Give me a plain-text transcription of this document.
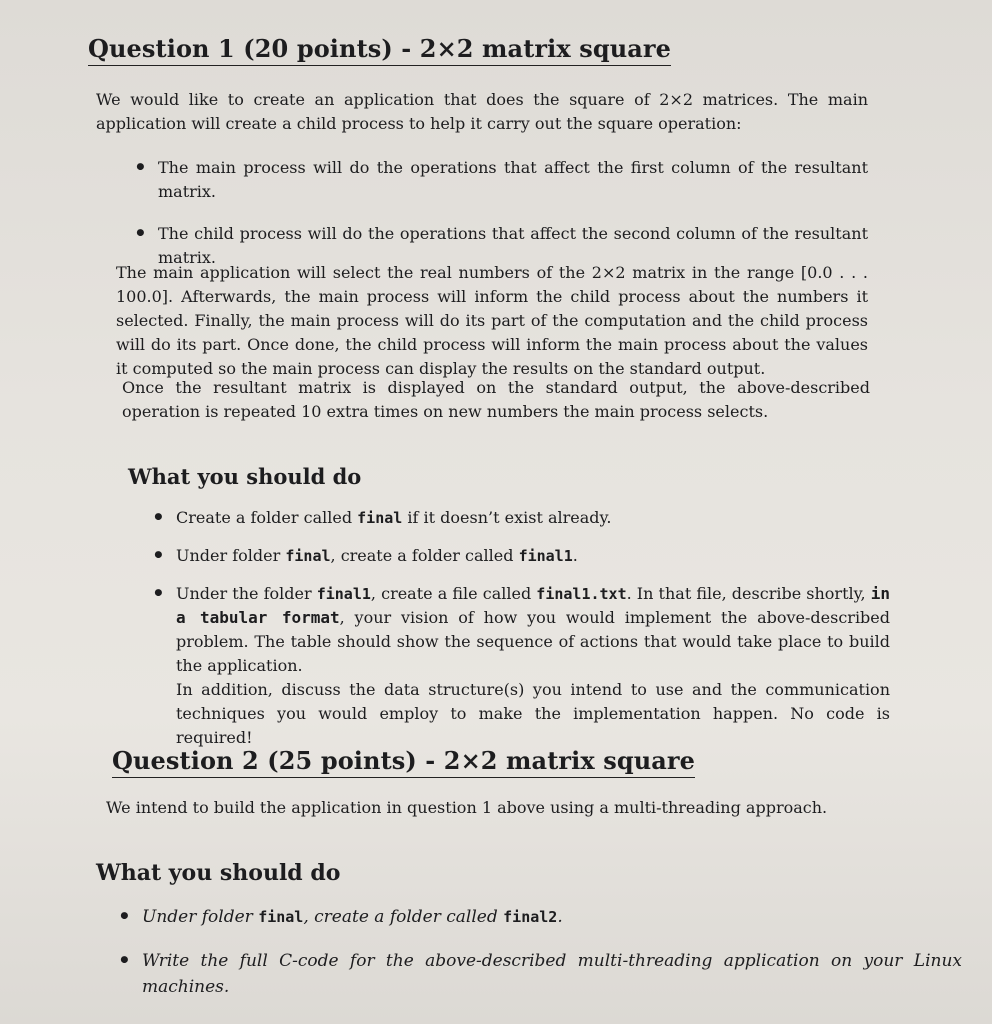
Question 1 (20 points) - 2×2 matrix square

We would like to create an application that does the square of 2×2 matrices. The main application will create a child process to help it carry out the square operation:

• The main process will do the operations that affect the first column of the resultant matrix.
• The child process will do the operations that affect the second column of the resultant matrix.

The main application will select the real numbers of the 2×2 matrix in the range [0.0 . . . 100.0]. Afterwards, the main process will inform the child process about the numbers it selected. Finally, the main process will do its part of the computation and the child process will do its part. Once done, the child process will inform the main process about the values it computed so the main process can display the results on the standard output.

Once the resultant matrix is displayed on the standard output, the above-described operation is repeated 10 extra times on new numbers the main process selects.

What you should do
• Create a folder called final if it doesn’t exist already.
• Under folder final, create a folder called final1.
• Under the folder final1, create a file called final1.txt. In that file, describe shortly, in a tabular format, your vision of how you would implement the above-described problem. The table should show the sequence of actions that would take place to build the application.
In addition, discuss the data structure(s) you intend to use and the communication techniques you would employ to make the implementation happen. No code is required!
Question 2 (25 points) - 2×2 matrix square

We intend to build the application in question 1 above using a multi-threading approach.

What you should do
• Under folder final, create a folder called final2.
• Write the full C-code for the above-described multi-threading application on your Linux machines.
